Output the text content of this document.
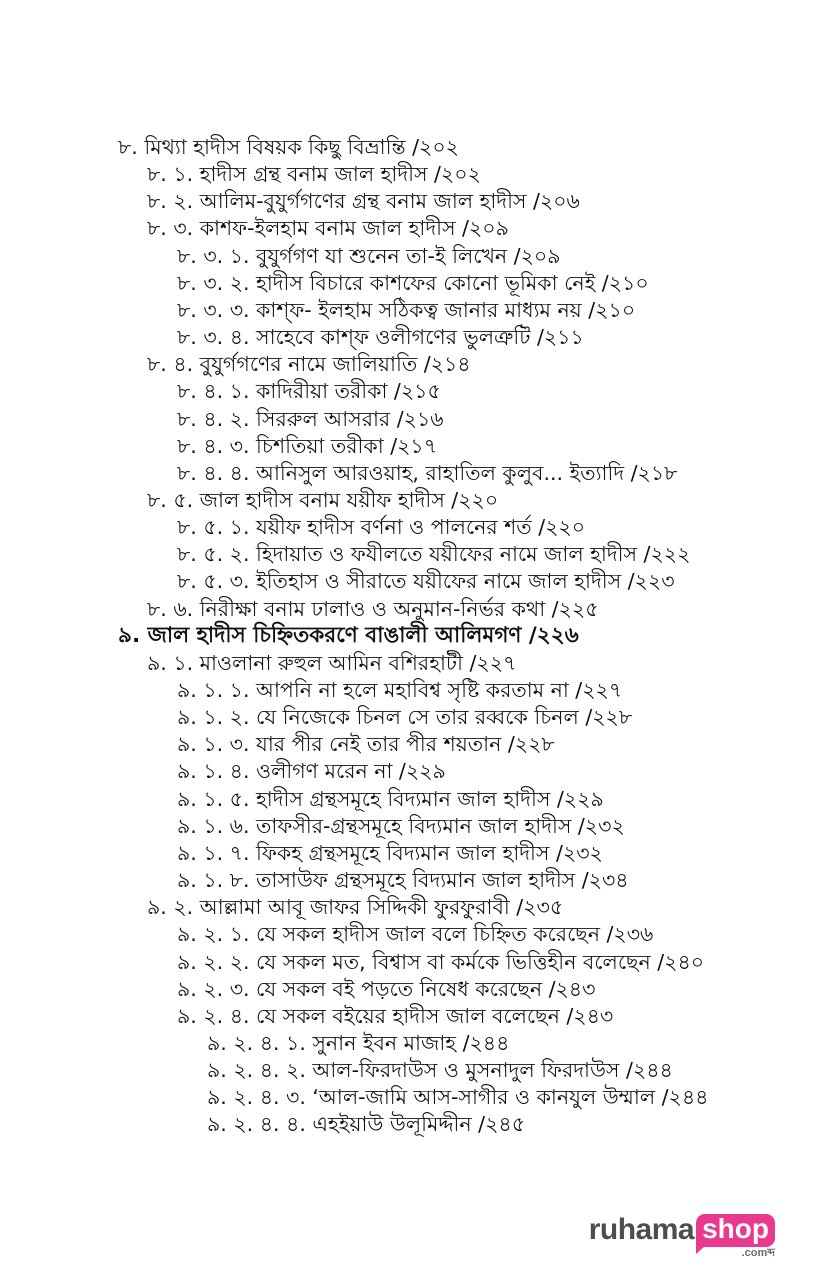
৮. মিথ্যা হাদীস বিষয়ক কিছু বিভ্রান্তি /২০২
৮. ১. হাদীস গ্রন্থ বনাম জাল হাদীস /২০২
৮. ২. আলিম-বুযুর্গগণের গ্রন্থ বনাম জাল হাদীস /২০৬
৮. ৩. কাশফ-ইলহাম বনাম জাল হাদীস /২০৯
৮. ৩. ১. বুযুর্গগণ যা শুনেন তা-ই লিখেন /২০৯
৮. ৩. ২. হাদীস বিচারে কাশফের কোনো ভূমিকা নেই /২১০
৮. ৩. ৩. কাশ্‌ফ- ইলহাম সঠিকত্ব জানার মাধ্যম নয় /২১০
৮. ৩. ৪. সাহেবে কাশ্‌ফ ওলীগণের ভুলত্রুটি /২১১
৮. ৪. বুযুর্গগণের নামে জালিয়াতি /২১৪
৮. ৪. ১. কাদিরীয়া তরীকা /২১৫
৮. ৪. ২. সিররুল আসরার /২১৬
৮. ৪. ৩. চিশতিয়া তরীকা /২১৭
৮. ৪. ৪. আনিসুল আরওয়াহ, রাহাতিল কুলুব... ইত্যাদি /২১৮
৮. ৫. জাল হাদীস বনাম যয়ীফ হাদীস /২২০
৮. ৫. ১. যয়ীফ হাদীস বর্ণনা ও পালনের শর্ত /২২০
৮. ৫. ২. হিদায়াত ও ফযীলতে যয়ীফের নামে জাল হাদীস /২২২
৮. ৫. ৩. ইতিহাস ও সীরাতে যয়ীফের নামে জাল হাদীস /২২৩
৮. ৬. নিরীক্ষা বনাম ঢালাও ও অনুমান-নির্ভর কথা /২২৫
৯. জাল হাদীস চিহ্নিতকরণে বাঙালী আলিমগণ /২২৬
৯. ১. মাওলানা রুহুল আমিন বশিরহাটী /২২৭
৯. ১. ১. আপনি না হলে মহাবিশ্ব সৃষ্টি করতাম না /২২৭
৯. ১. ২. যে নিজেকে চিনল সে তার রব্বকে চিনল /২২৮
৯. ১. ৩. যার পীর নেই তার পীর শয়তান /২২৮
৯. ১. ৪. ওলীগণ মরেন না /২২৯
৯. ১. ৫. হাদীস গ্রন্থসমূহে বিদ্যমান জাল হাদীস /২২৯
৯. ১. ৬. তাফসীর-গ্রন্থসমূহে বিদ্যমান জাল হাদীস /২৩২
৯. ১. ৭. ফিকহ গ্রন্থসমূহে বিদ্যমান জাল হাদীস /২৩২
৯. ১. ৮. তাসাউফ গ্রন্থসমূহে বিদ্যমান জাল হাদীস /২৩৪
৯. ২. আল্লামা আবূ জাফর সিদ্দিকী ফুরফুরাবী /২৩৫
৯. ২. ১. যে সকল হাদীস জাল বলে চিহ্নিত করেছেন /২৩৬
৯. ২. ২. যে সকল মত, বিশ্বাস বা কর্মকে ভিত্তিহীন বলেছেন /২৪০
৯. ২. ৩. যে সকল বই পড়তে নিষেধ করেছেন /২৪৩
৯. ২. ৪. যে সকল বইয়ের হাদীস জাল বলেছেন /২৪৩
৯. ২. ৪. ১. সুনান ইবন মাজাহ /২৪৪
৯. ২. ৪. ২. আল-ফিরদাউস ও মুসনাদুল ফিরদাউস /২৪৪
৯. ২. ৪. ৩. ‘আল-জামি আস-সাগীর ও কানযুল উম্মাল /২৪৪
৯. ২. ৪. ৪. এহইয়াউ উলূমিদ্দীন /২৪৫
ruhama shop
.comব্দ
